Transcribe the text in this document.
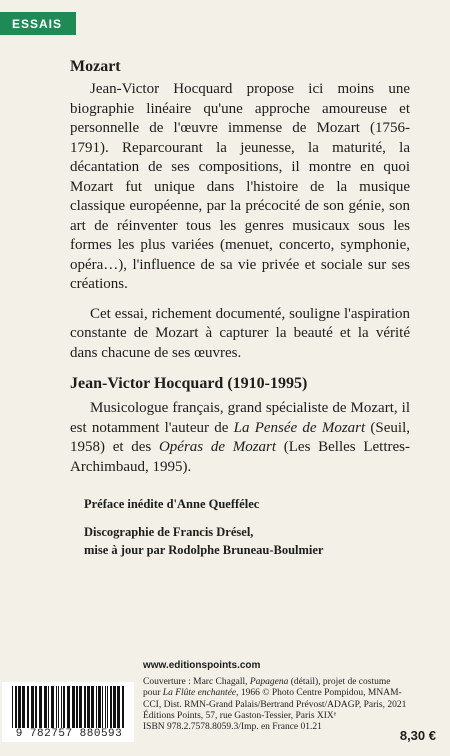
ESSAIS
Mozart

Jean-Victor Hocquard propose ici moins une biographie linéaire qu'une approche amoureuse et personnelle de l'œuvre immense de Mozart (1756-1791). Reparcourant la jeunesse, la maturité, la décantation de ses compositions, il montre en quoi Mozart fut unique dans l'histoire de la musique classique européenne, par la précocité de son génie, son art de réinventer tous les genres musicaux sous les formes les plus variées (menuet, concerto, symphonie, opéra…), l'influence de sa vie privée et sociale sur ses créations.

Cet essai, richement documenté, souligne l'aspiration constante de Mozart à capturer la beauté et la vérité dans chacune de ses œuvres.

Jean-Victor Hocquard (1910-1995)

Musicologue français, grand spécialiste de Mozart, il est notamment l'auteur de La Pensée de Mozart (Seuil, 1958) et des Opéras de Mozart (Les Belles Lettres-Archimbaud, 1995).

Préface inédite d'Anne Queffélec
Discographie de Francis Drésel,
mise à jour par Rodolphe Bruneau-Boulmier
www.editionspoints.com
9 782757 880593
Couverture : Marc Chagall, Papagena (détail), projet de costume pour La Flûte enchantée, 1966 © Photo Centre Pompidou, MNAM-CCI, Dist. RMN-Grand Palais/Bertrand Prévost/ADAGP, Paris, 2021
Éditions Points, 57, rue Gaston-Tessier, Paris XIXᵉ
ISBN 978.2.7578.8059.3/Imp. en France 01.21
8,30 €
